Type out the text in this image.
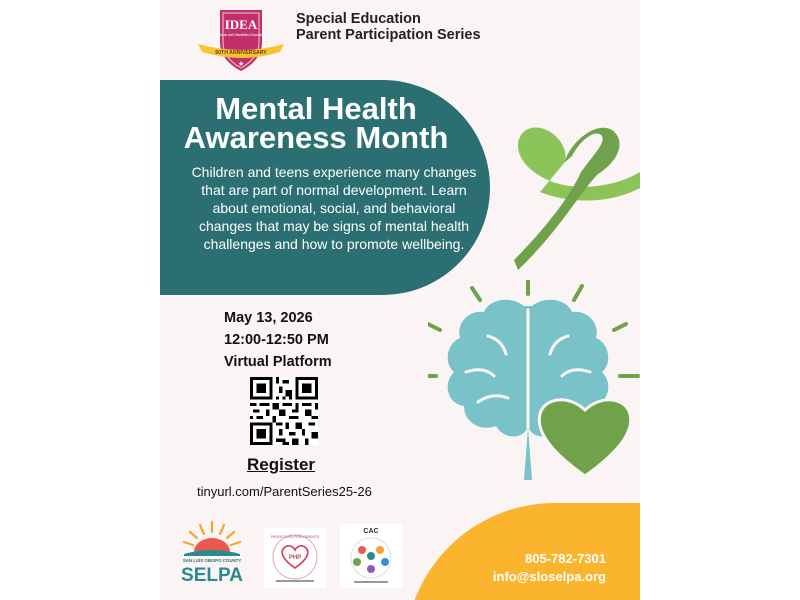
IDEA
Individuals with Disabilities Education Act
50TH ANNIVERSARY
★
Special Education
Parent Participation Series
Mental Health
Awareness Month
Children and teens experience many changes that are part of normal development. Learn about emotional, social, and behavioral changes that may be signs of mental health challenges and how to promote wellbeing.
May 13, 2026
12:00-12:50 PM
Virtual Platform
Register
tinyurl.com/ParentSeries25-26
SAN LUIS OBISPO COUNTY
SELPA
PARENTS HELPING PARENTS
PHP
CAC
805-782-7301
info@sloselpa.org
